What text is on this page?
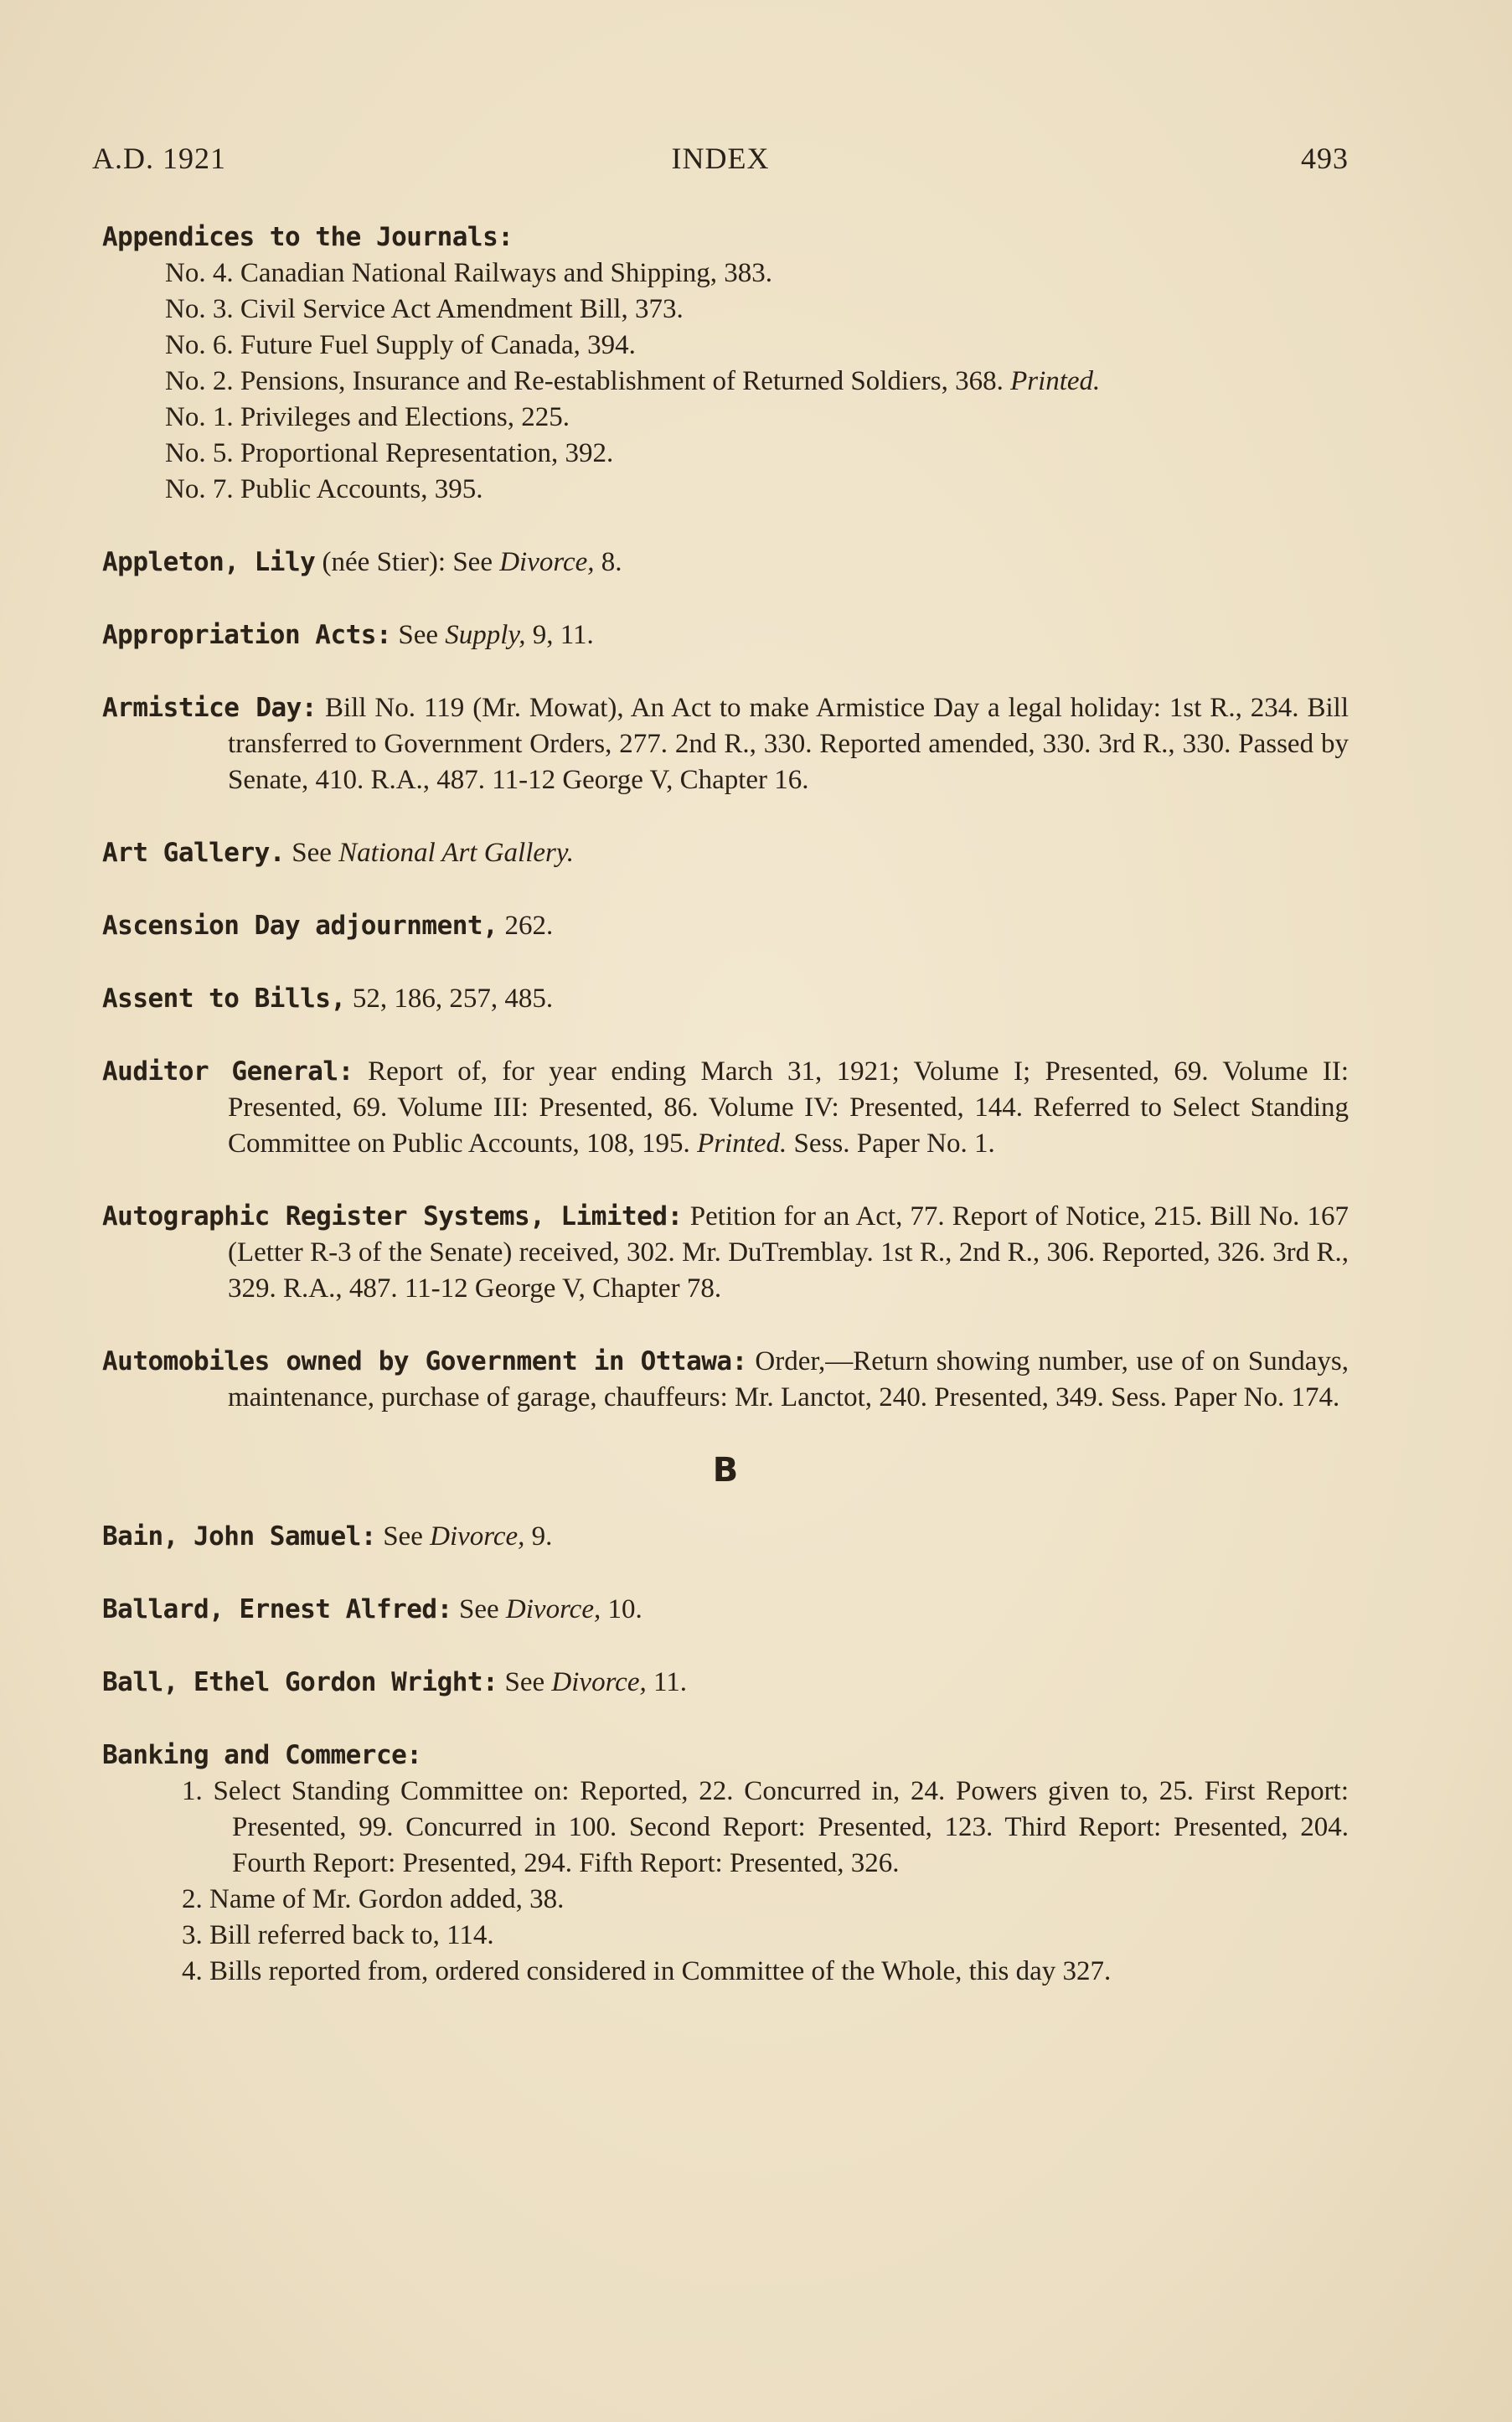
A.D. 1921	INDEX	493
Appendices to the Journals:
No. 4. Canadian National Railways and Shipping, 383.
No. 3. Civil Service Act Amendment Bill, 373.
No. 6. Future Fuel Supply of Canada, 394.
No. 2. Pensions, Insurance and Re-establishment of Returned Soldiers, 368. Printed.
No. 1. Privileges and Elections, 225.
No. 5. Proportional Representation, 392.
No. 7. Public Accounts, 395.
Appleton, Lily (née Stier): See Divorce, 8.
Appropriation Acts: See Supply, 9, 11.
Armistice Day: Bill No. 119 (Mr. Mowat), An Act to make Armistice Day a legal holiday: 1st R., 234. Bill transferred to Government Orders, 277. 2nd R., 330. Reported amended, 330. 3rd R., 330. Passed by Senate, 410. R.A., 487. 11-12 George V, Chapter 16.
Art Gallery. See National Art Gallery.
Ascension Day adjournment, 262.
Assent to Bills, 52, 186, 257, 485.
Auditor General: Report of, for year ending March 31, 1921; Volume I; Presented, 69. Volume II: Presented, 69. Volume III: Presented, 86. Volume IV: Presented, 144. Referred to Select Standing Committee on Public Accounts, 108, 195. Printed. Sess. Paper No. 1.
Autographic Register Systems, Limited: Petition for an Act, 77. Report of Notice, 215. Bill No. 167 (Letter R-3 of the Senate) received, 302. Mr. DuTremblay. 1st R., 2nd R., 306. Reported, 326. 3rd R., 329. R.A., 487. 11-12 George V, Chapter 78.
Automobiles owned by Government in Ottawa: Order,—Return showing number, use of on Sundays, maintenance, purchase of garage, chauffeurs: Mr. Lanctot, 240. Presented, 349. Sess. Paper No. 174.
B
Bain, John Samuel: See Divorce, 9.
Ballard, Ernest Alfred: See Divorce, 10.
Ball, Ethel Gordon Wright: See Divorce, 11.
Banking and Commerce:
1. Select Standing Committee on: Reported, 22. Concurred in, 24. Powers given to, 25. First Report: Presented, 99. Concurred in 100. Second Report: Presented, 123. Third Report: Presented, 204. Fourth Report: Presented, 294. Fifth Report: Presented, 326.
2. Name of Mr. Gordon added, 38.
3. Bill referred back to, 114.
4. Bills reported from, ordered considered in Committee of the Whole, this day 327.
